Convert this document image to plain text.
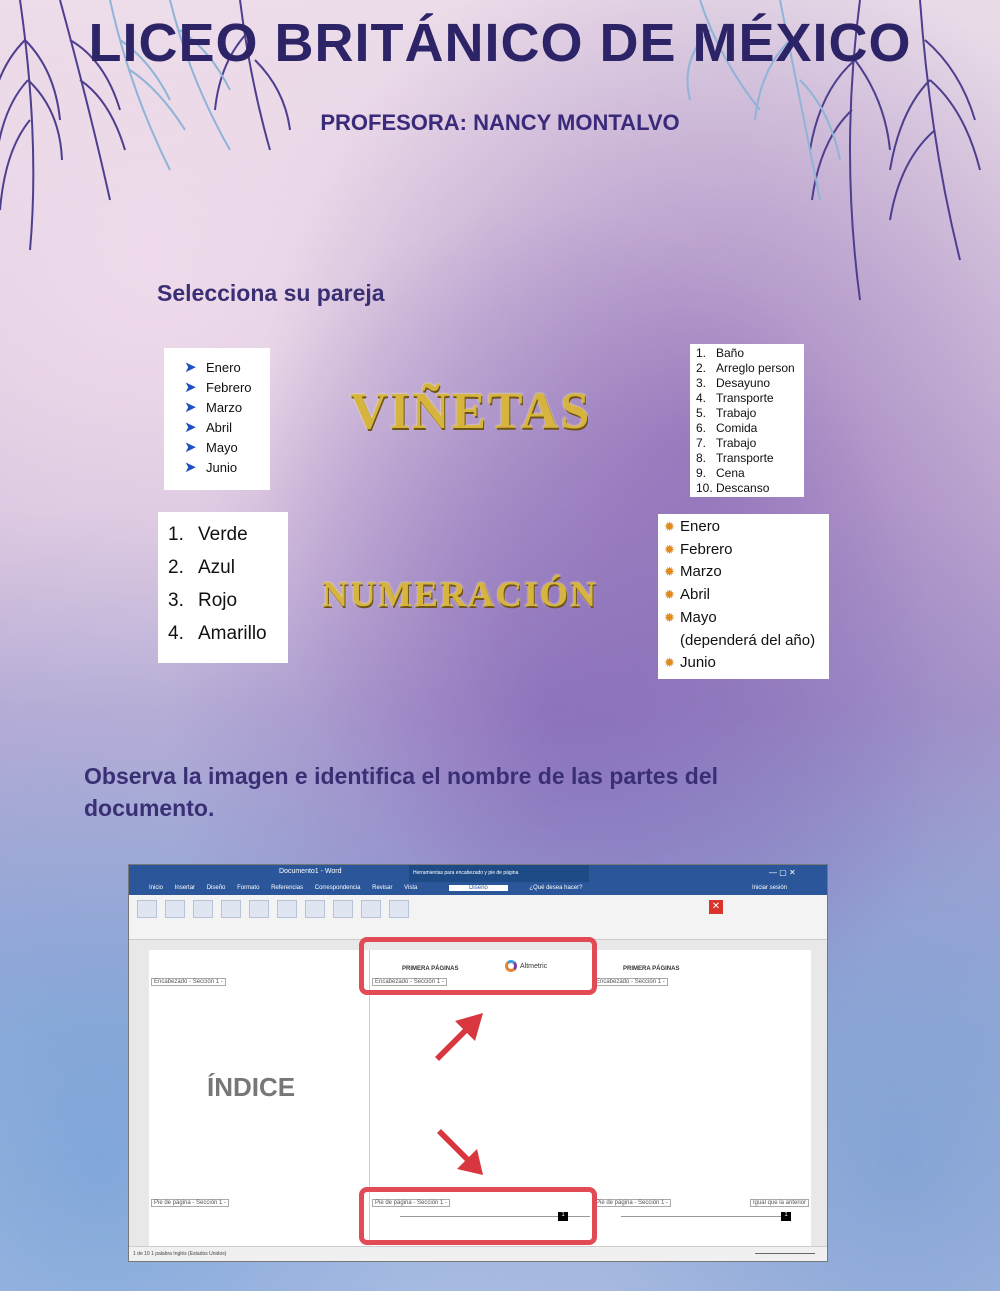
LICEO BRITÁNICO DE MÉXICO
PROFESORA: NANCY MONTALVO
Selecciona su pareja
➤ Enero
➤ Febrero
➤ Marzo
➤ Abril
➤ Mayo
➤ Junio
VIÑETAS
1. Baño
2. Arreglo person
3. Desayuno
4. Transporte
5. Trabajo
6. Comida
7. Trabajo
8. Transporte
9. Cena
10. Descanso
1. Verde
2. Azul
3. Rojo
4. Amarillo
NUMERACIÓN
✹ Enero
✹ Febrero
✹ Marzo
✹ Abril
✹ Mayo
(dependerá del año)
✹ Junio
Observa la imagen e identifica el nombre de las partes del documento.
Documento1 - Word	Herramientas para encabezado y pie de página	— ▢ ✕
Inicio Insertar Diseño Formato Referencias Correspondencia Revisar Vista	Diseño	¿Qué desea hacer?	Iniciar sesión
✕
Encabezado - Sección 1 -
ÍNDICE
Pie de página - Sección 1 -
PRIMERA PÁGINAS	Altmetric
Encabezado - Sección 1 -
Pie de página - Sección 1 -
1
PRIMERA PÁGINAS
Encabezado - Sección 1 -
Pie de página - Sección 1 -	Igual que la anterior
1
1 de 10 1 palabra Inglés (Estados Unidos)
